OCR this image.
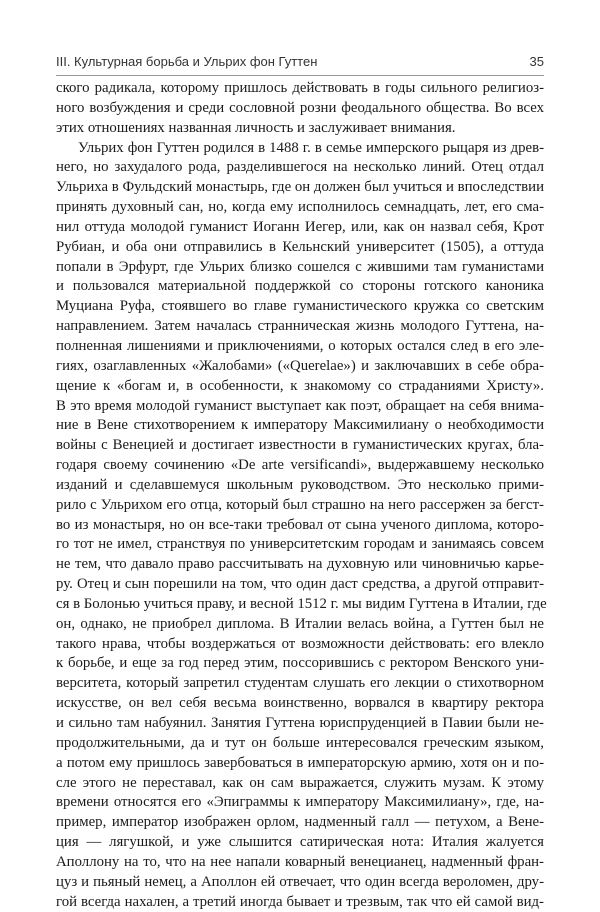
III. Культурная борьба и Ульрих фон Гуттен	35
ского радикала, которому пришлось действовать в годы сильного религиоз-
ного возбуждения и среди сословной розни феодального общества. Во всех
этих отношениях названная личность и заслуживает внимания.
Ульрих фон Гуттен родился в 1488 г. в семье имперского рыцаря из древ-
него, но захудалого рода, разделившегося на несколько линий. Отец отдал
Ульриха в Фульдский монастырь, где он должен был учиться и впоследствии
принять духовный сан, но, когда ему исполнилось семнадцать, лет, его сма-
нил оттуда молодой гуманист Иоганн Иегер, или, как он назвал себя, Крот
Рубиан, и оба они отправились в Кельнский университет (1505), а оттуда
попали в Эрфурт, где Ульрих близко сошелся с жившими там гуманистами
и пользовался материальной поддержкой со стороны готского каноника
Муциана Руфа, стоявшего во главе гуманистического кружка со светским
направлением. Затем началась странническая жизнь молодого Гуттена, на-
полненная лишениями и приключениями, о которых остался след в его эле-
гиях, озаглавленных «Жалобами» («Querelae») и заключавших в себе обра-
щение к «богам и, в особенности, к знакомому со страданиями Христу».
В это время молодой гуманист выступает как поэт, обращает на себя внима-
ние в Вене стихотворением к императору Максимилиану о необходимости
войны с Венецией и достигает известности в гуманистических кругах, бла-
годаря своему сочинению «De arte versificandi», выдержавшему несколько
изданий и сделавшемуся школьным руководством. Это несколько прими-
рило с Ульрихом его отца, который был страшно на него рассержен за бегст-
во из монастыря, но он все-таки требовал от сына ученого диплома, которо-
го тот не имел, странствуя по университетским городам и занимаясь совсем
не тем, что давало право рассчитывать на духовную или чиновничью карье-
ру. Отец и сын порешили на том, что один даст средства, а другой отправит-
ся в Болонью учиться праву, и весной 1512 г. мы видим Гуттена в Италии, где
он, однако, не приобрел диплома. В Италии велась война, а Гуттен был не
такого нрава, чтобы воздержаться от возможности действовать: его влекло
к борьбе, и еще за год перед этим, поссорившись с ректором Венского уни-
верситета, который запретил студентам слушать его лекции о стихотворном
искусстве, он вел себя весьма воинственно, ворвался в квартиру ректора
и сильно там набуянил. Занятия Гуттена юриспруденцией в Павии были не-
продолжительными, да и тут он больше интересовался греческим языком,
а потом ему пришлось завербоваться в императорскую армию, хотя он и по-
сле этого не переставал, как он сам выражается, служить музам. К этому
времени относятся его «Эпиграммы к императору Максимилиану», где, на-
пример, император изображен орлом, надменный галл — петухом, а Вене-
ция — лягушкой, и уже слышится сатирическая нота: Италия жалуется
Аполлону на то, что на нее напали коварный венецианец, надменный фран-
цуз и пьяный немец, а Аполлон ей отвечает, что один всегда вероломен, дру-
гой всегда нахален, а третий иногда бывает и трезвым, так что ей самой вид-
